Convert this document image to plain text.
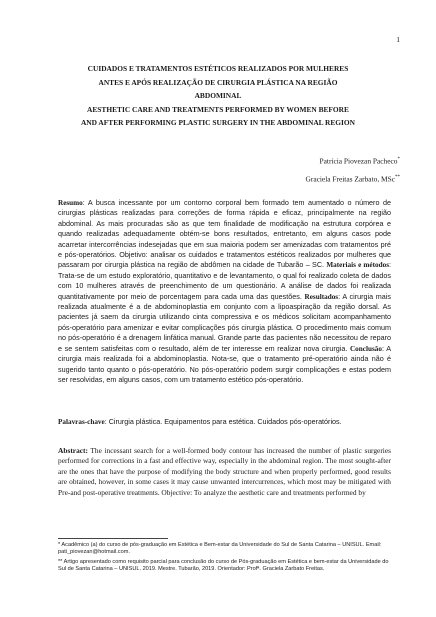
1
CUIDADOS E TRATAMENTOS ESTÉTICOS REALIZADOS POR MULHERES
ANTES E APÓS REALIZAÇÃO DE CIRURGIA PLÁSTICA NA REGIÃO
ABDOMINAL
AESTHETIC CARE AND TREATMENTS PERFORMED BY WOMEN BEFORE
AND AFTER PERFORMING PLASTIC SURGERY IN THE ABDOMINAL REGION
Patrícia Piovezan Pacheco*
Graciela Freitas Zarbato, MSc**
Resumo: A busca incessante por um contorno corporal bem formado tem aumentado o número de cirurgias plásticas realizadas para correções de forma rápida e eficaz, principalmente na região abdominal. As mais procuradas são as que tem finalidade de modificação na estrutura corpórea e quando realizadas adequadamente obtém-se bons resultados, entretanto, em alguns casos pode acarretar intercorrências indesejadas que em sua maioria podem ser amenizadas com tratamentos pré e pós-operatórios. Objetivo: analisar os cuidados e tratamentos estéticos realizados por mulheres que passaram por cirurgia plástica na região de abdômen na cidade de Tubarão – SC. Materiais e métodos: Trata-se de um estudo exploratório, quantitativo e de levantamento, o qual foi realizado coleta de dados com 10 mulheres através de preenchimento de um questionário. A análise de dados foi realizada quantitativamente por meio de porcentagem para cada uma das questões. Resultados: A cirurgia mais realizada atualmente é a de abdominoplastia em conjunto com a lipoaspiração da região dorsal. As pacientes já saem da cirurgia utilizando cinta compressiva e os médicos solicitam acompanhamento pós-operatório para amenizar e evitar complicações pós cirurgia plástica. O procedimento mais comum no pós-operatório é a drenagem linfática manual. Grande parte das pacientes não necessitou de reparo e se sentem satisfeitas com o resultado, além de ter interesse em realizar nova cirurgia. Conclusão: A cirurgia mais realizada foi a abdominoplastia. Nota-se, que o tratamento pré-operatório ainda não é sugerido tanto quanto o pós-operatório. No pós-operatório podem surgir complicações e estas podem ser resolvidas, em alguns casos, com um tratamento estético pós-operatório.
Palavras-chave: Cirurgia plástica. Equipamentos para estética. Cuidados pós-operatórios.
Abstract: The incessant search for a well-formed body contour has increased the number of plastic surgeries performed for corrections in a fast and effective way, especially in the abdominal region. The most sought-after are the ones that have the purpose of modifying the body structure and when properly performed, good results are obtained, however, in some cases it may cause unwanted intercurrences, which most may be mitigated with Pre-and post-operative treatments. Objective: To analyze the aesthetic care and treatments performed by

* Acadêmico (a) do curso de pós-graduação em Estética e Bem-estar da Universidade do Sul de Santa Catarina – UNISUL. Email: pati_piovezan@hotmail.com.

** Artigo apresentado como requisito parcial para conclusão do curso de Pós-graduação em Estética e bem-estar da Universidade do Sul de Santa Catarina – UNISUL. 2019. Mestre. Tubarão, 2019. Orientador: Profª. Graciela Zarbato Freitas.
